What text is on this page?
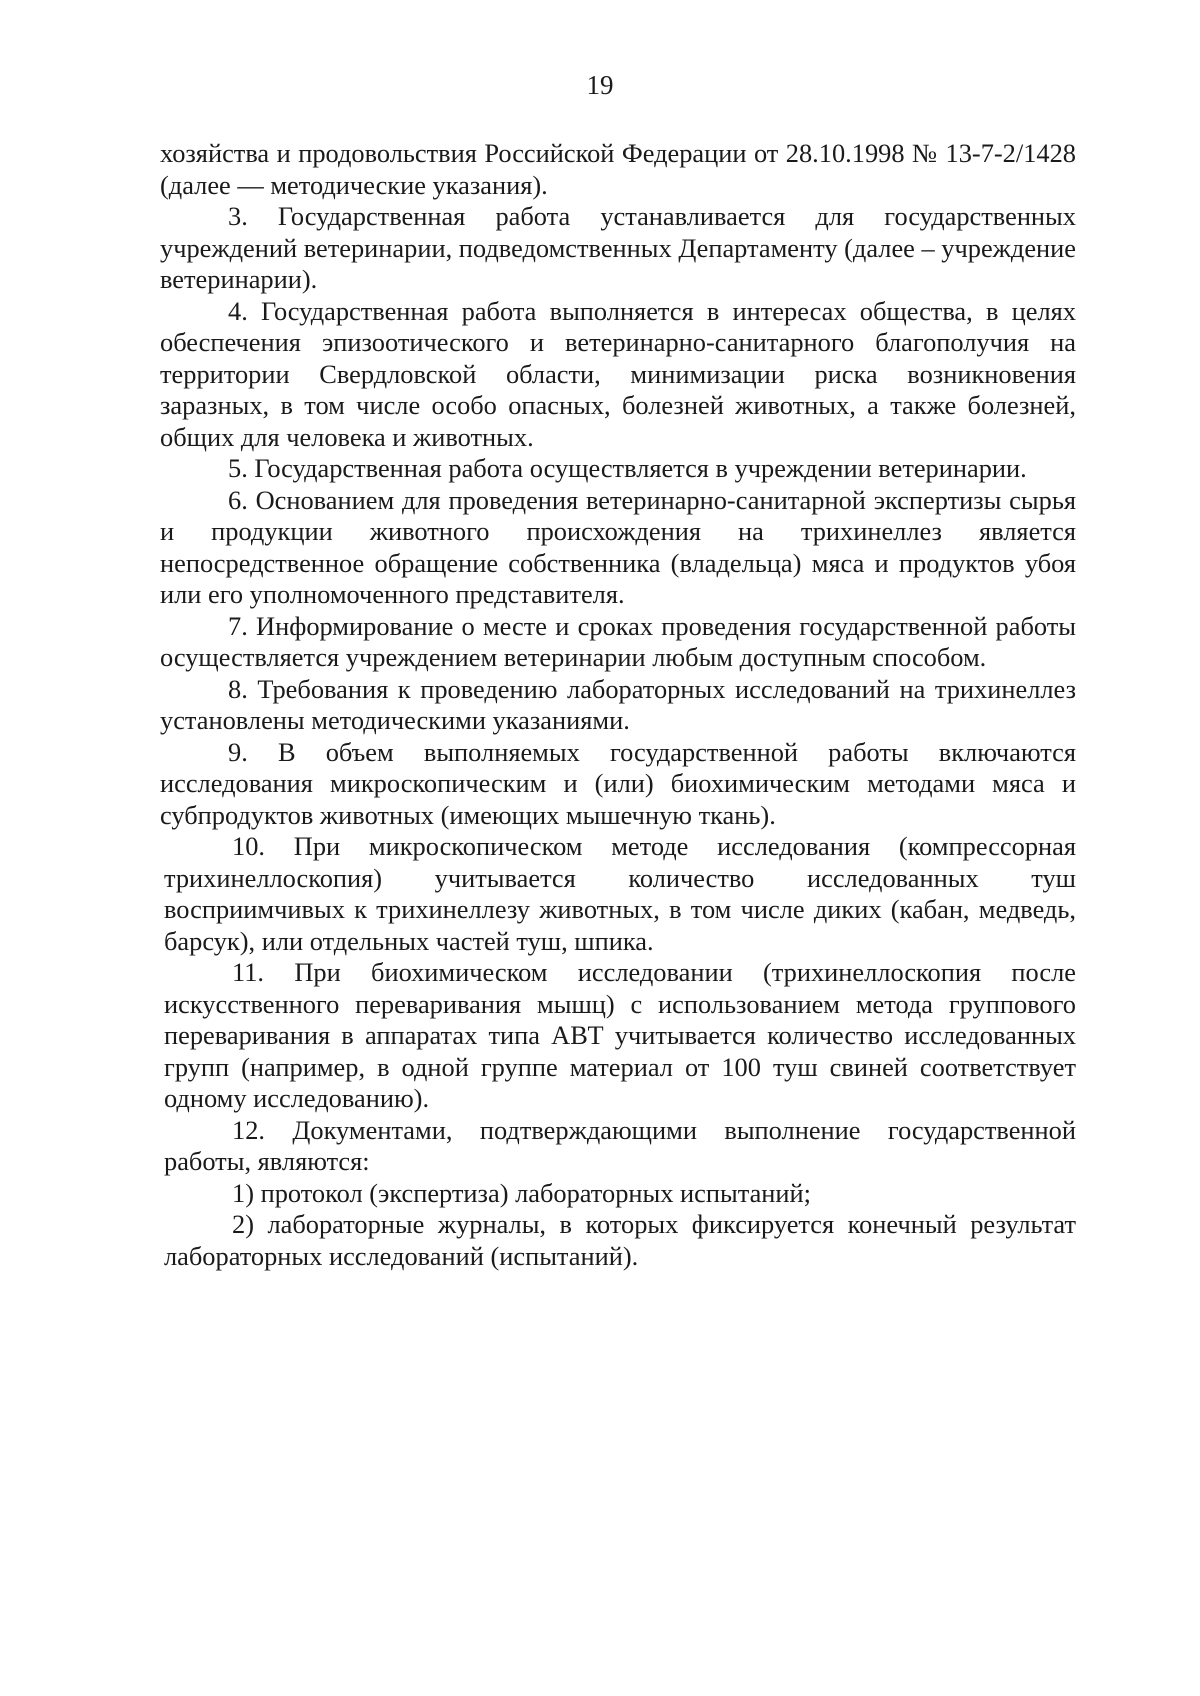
19

хозяйства и продовольствия Российской Федерации от 28.10.1998 № 13-7-2/1428 (далее — методические указания).

3. Государственная работа устанавливается для государственных учреждений ветеринарии, подведомственных Департаменту (далее – учреждение ветеринарии).

4. Государственная работа выполняется в интересах общества, в целях обеспечения эпизоотического и ветеринарно-санитарного благополучия на территории Свердловской области, минимизации риска возникновения заразных, в том числе особо опасных, болезней животных, а также болезней, общих для человека и животных.

5. Государственная работа осуществляется в учреждении ветеринарии.

6. Основанием для проведения ветеринарно-санитарной экспертизы сырья и продукции животного происхождения на трихинеллез является непосредственное обращение собственника (владельца) мяса и продуктов убоя или его уполномоченного представителя.

7. Информирование о месте и сроках проведения государственной работы осуществляется учреждением ветеринарии любым доступным способом.

8. Требования к проведению лабораторных исследований на трихинеллез установлены методическими указаниями.

9. В объем выполняемых государственной работы включаются исследования микроскопическим и (или) биохимическим методами мяса и субпродуктов животных (имеющих мышечную ткань).

10. При микроскопическом методе исследования (компрессорная трихинеллоскопия) учитывается количество исследованных туш восприимчивых к трихинеллезу животных, в том числе диких (кабан, медведь, барсук), или отдельных частей туш, шпика.

11. При биохимическом исследовании (трихинеллоскопия после искусственного переваривания мышц) с использованием метода группового переваривания в аппаратах типа АВТ учитывается количество исследованных групп (например, в одной группе материал от 100 туш свиней соответствует одному исследованию).

12. Документами, подтверждающими выполнение государственной работы, являются:

1) протокол (экспертиза) лабораторных испытаний;

2) лабораторные журналы, в которых фиксируется конечный результат лабораторных исследований (испытаний).
